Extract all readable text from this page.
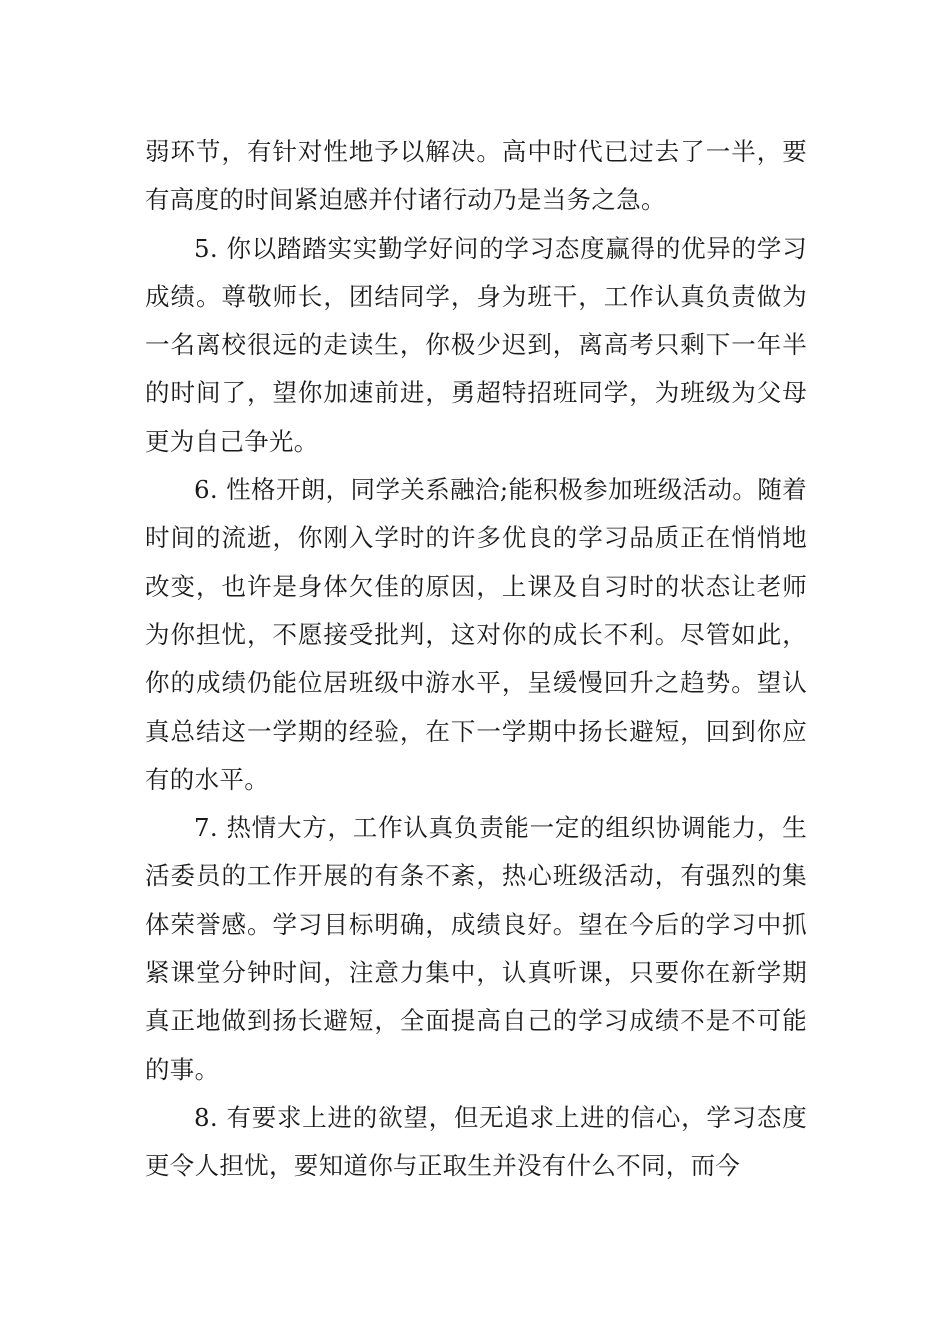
弱环节，有针对性地予以解决。高中时代已过去了一半，要有高度的时间紧迫感并付诸行动乃是当务之急。

5. 你以踏踏实实勤学好问的学习态度赢得的优异的学习成绩。尊敬师长，团结同学，身为班干，工作认真负责做为一名离校很远的走读生，你极少迟到，离高考只剩下一年半的时间了，望你加速前进，勇超特招班同学，为班级为父母更为自己争光。

6. 性格开朗，同学关系融洽;能积极参加班级活动。随着时间的流逝，你刚入学时的许多优良的学习品质正在悄悄地改变，也许是身体欠佳的原因，上课及自习时的状态让老师为你担忧，不愿接受批判，这对你的成长不利。尽管如此，你的成绩仍能位居班级中游水平，呈缓慢回升之趋势。望认真总结这一学期的经验，在下一学期中扬长避短，回到你应有的水平。

7. 热情大方，工作认真负责能一定的组织协调能力，生活委员的工作开展的有条不紊，热心班级活动，有强烈的集体荣誉感。学习目标明确，成绩良好。望在今后的学习中抓紧课堂分钟时间，注意力集中，认真听课，只要你在新学期真正地做到扬长避短，全面提高自己的学习成绩不是不可能的事。

8. 有要求上进的欲望，但无追求上进的信心，学习态度更令人担忧，要知道你与正取生并没有什么不同，而今
